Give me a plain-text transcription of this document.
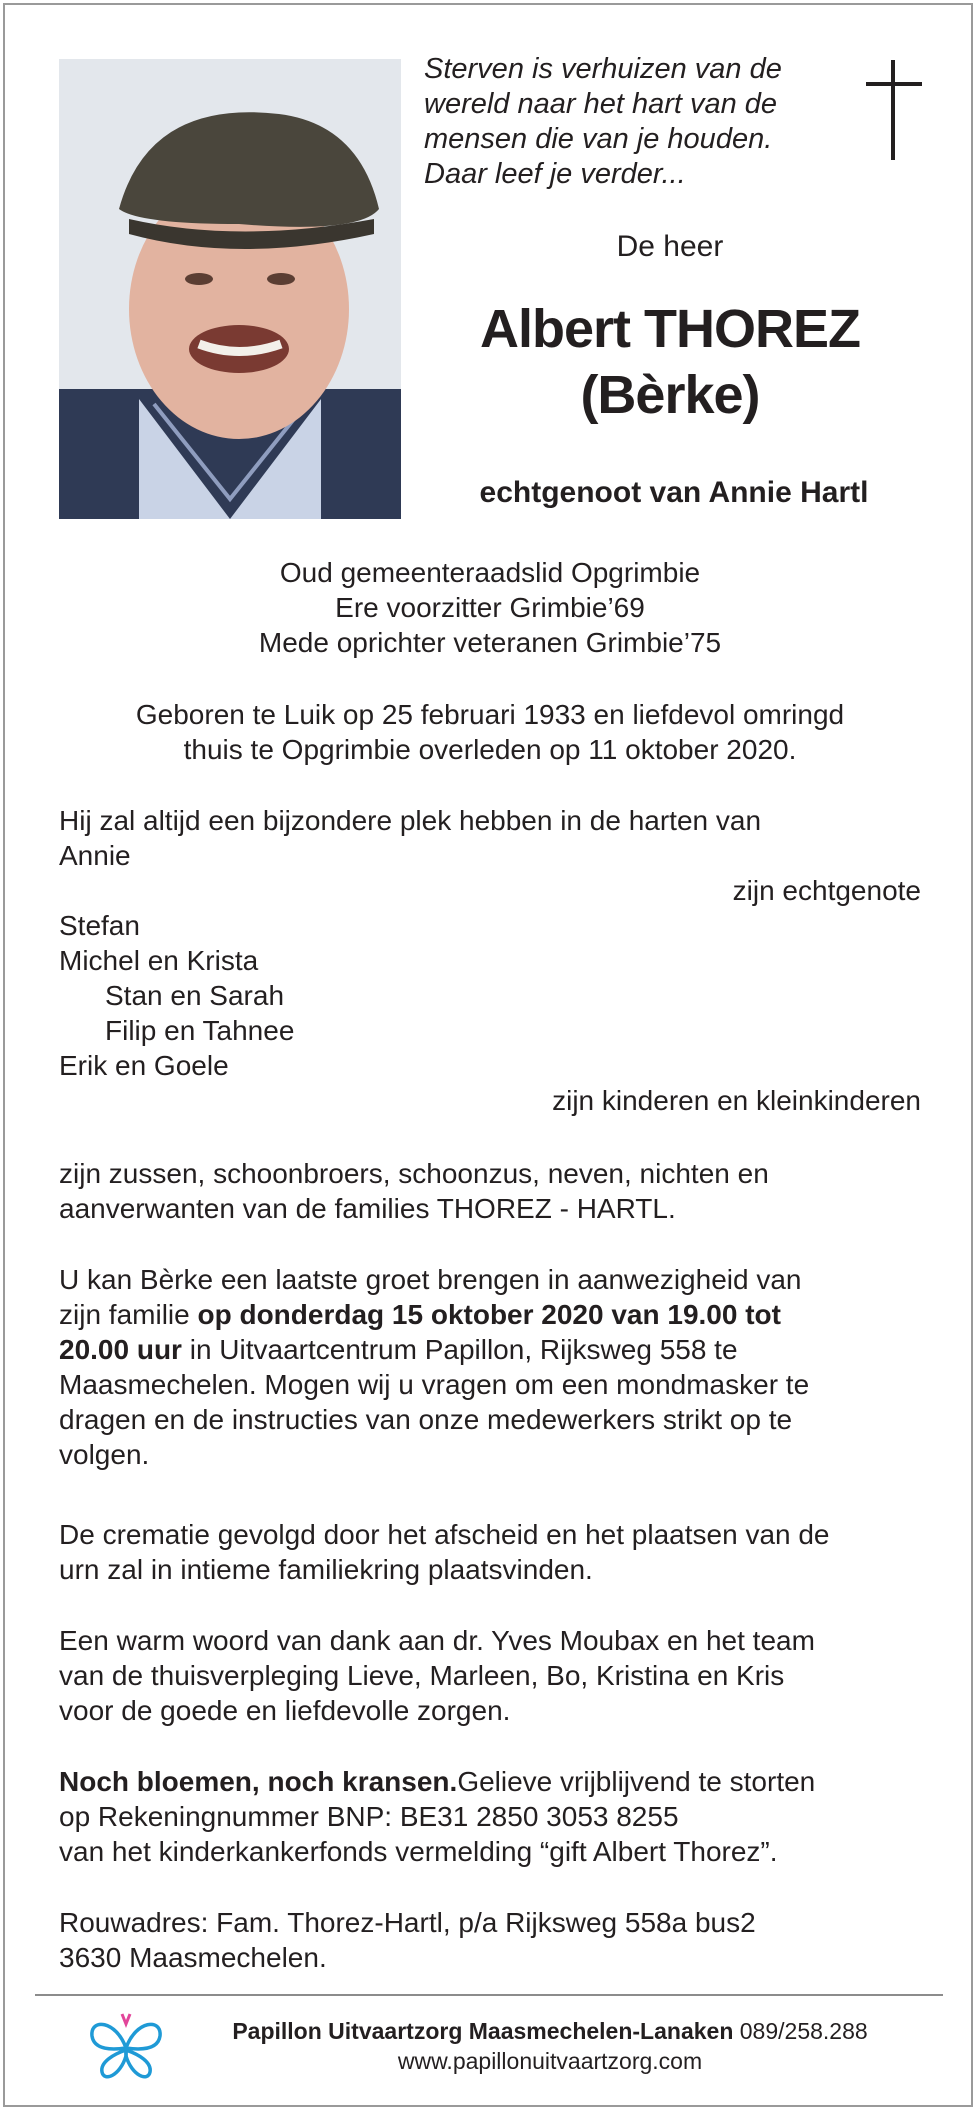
Sterven is verhuizen van de
wereld naar het hart van de
mensen die van je houden.
Daar leef je verder...
De heer
Albert THOREZ
(Bèrke)
echtgenoot van Annie Hartl
Oud gemeenteraadslid Opgrimbie
Ere voorzitter Grimbie’69
Mede oprichter veteranen Grimbie’75
Geboren te Luik op 25 februari 1933 en liefdevol omringd
thuis te Opgrimbie overleden op 11 oktober 2020.
Hij zal altijd een bijzondere plek hebben in de harten van
Annie
zijn echtgenote
Stefan
Michel en Krista
Stan en Sarah
Filip en Tahnee
Erik en Goele
zijn kinderen en kleinkinderen
zijn zussen, schoonbroers, schoonzus, neven, nichten en
aanverwanten van de families THOREZ - HARTL.
U kan Bèrke een laatste groet brengen in aanwezigheid van
zijn familie op donderdag 15 oktober 2020 van 19.00 tot
20.00 uur in Uitvaartcentrum Papillon, Rijksweg 558 te
Maasmechelen. Mogen wij u vragen om een mondmasker te
dragen en de instructies van onze medewerkers strikt op te
volgen.
De crematie gevolgd door het afscheid en het plaatsen van de
urn zal in intieme familiekring plaatsvinden.
Een warm woord van dank aan dr. Yves Moubax en het team
van de thuisverpleging Lieve, Marleen, Bo, Kristina en Kris
voor de goede en liefdevolle zorgen.
Noch bloemen, noch kransen.Gelieve vrijblijvend te storten
op Rekeningnummer BNP: BE31 2850 3053 8255
van het kinderkankerfonds vermelding “gift Albert Thorez”.
Rouwadres: Fam. Thorez-Hartl, p/a Rijksweg 558a bus2
3630 Maasmechelen.
Papillon Uitvaartzorg Maasmechelen-Lanaken 089/258.288
www.papillonuitvaartzorg.com
